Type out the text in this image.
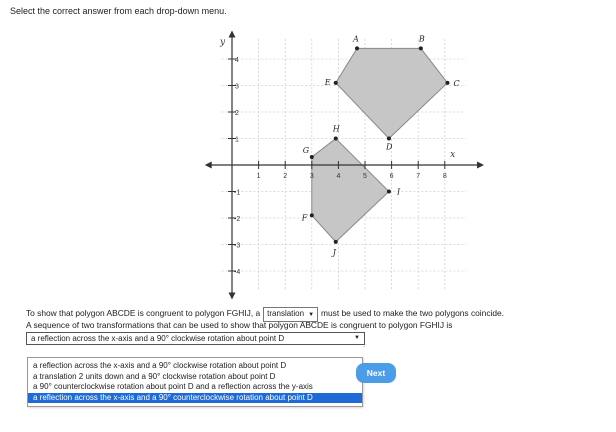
Select the correct answer from each drop-down menu.
1	2	3	4	5	6	7	8
1
2
3
4
-1
-2
-3
-4
x
y	A	B
C
D
E
F
G
H
I
J
To show that polygon ABCDE is congruent to polygon FGHIJ, a translation ▼ must be used to make the two polygons coincide.
A sequence of two transformations that can be used to show that polygon ABCDE is congruent to polygon FGHIJ is
a reflection across the x-axis and a 90° clockwise rotation about point D	▼
.
a reflection across the x-axis and a 90° clockwise rotation about point D
a translation 2 units down and a 90° clockwise rotation about point D
a 90° counterclockwise rotation about point D and a reflection across the y-axis
a reflection across the x-axis and a 90° counterclockwise rotation about point D
Next
